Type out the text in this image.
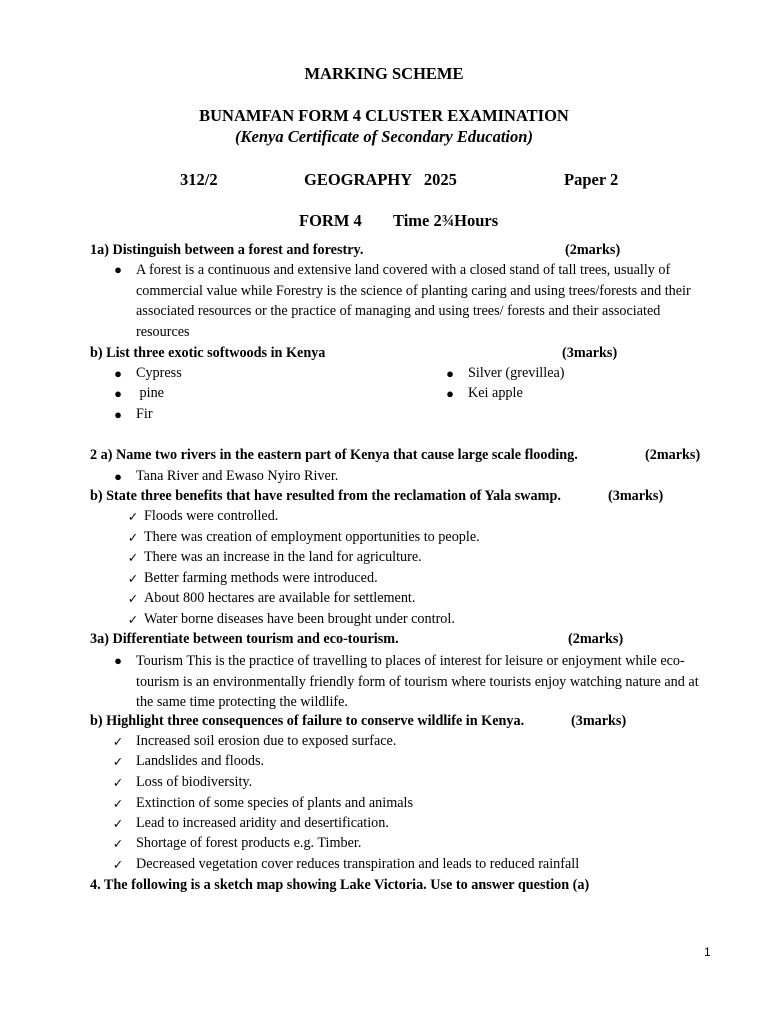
MARKING SCHEME
BUNAMFAN FORM 4 CLUSTER EXAMINATION
(Kenya Certificate of Secondary Education)
312/2	GEOGRAPHY   2025	Paper 2
FORM 4 Time 2¾Hours
1a) Distinguish between a forest and forestry.	(2marks)
● A forest is a continuous and extensive land covered with a closed stand of tall trees, usually of commercial value while Forestry is the science of planting caring and using trees/forests and their associated resources or the practice of managing and using trees/ forests and their associated resources
b) List three exotic softwoods in Kenya	(3marks)
● Cypress
● pine
● Fir
● Silver (grevillea)
● Kei apple
2 a) Name two rivers in the eastern part of Kenya that cause large scale flooding.	(2marks)
● Tana River and Ewaso Nyiro River.
b) State three benefits that have resulted from the reclamation of Yala swamp.	(3marks)
✓ Floods were controlled.
✓ There was creation of employment opportunities to people.
✓ There was an increase in the land for agriculture.
✓ Better farming methods were introduced.
✓ About 800 hectares are available for settlement.
✓ Water borne diseases have been brought under control.
3a) Differentiate between tourism and eco-tourism.	(2marks)
● Tourism This is the practice of travelling to places of interest for leisure or enjoyment while eco-tourism is an environmentally friendly form of tourism where tourists enjoy watching nature and at the same time protecting the wildlife.
b) Highlight three consequences of failure to conserve wildlife in Kenya.	(3marks)
✓ Increased soil erosion due to exposed surface.
✓ Landslides and floods.
✓ Loss of biodiversity.
✓ Extinction of some species of plants and animals
✓ Lead to increased aridity and desertification.
✓ Shortage of forest products e.g. Timber.
✓ Decreased vegetation cover reduces transpiration and leads to reduced rainfall
4. The following is a sketch map showing Lake Victoria. Use to answer question (a)
1
